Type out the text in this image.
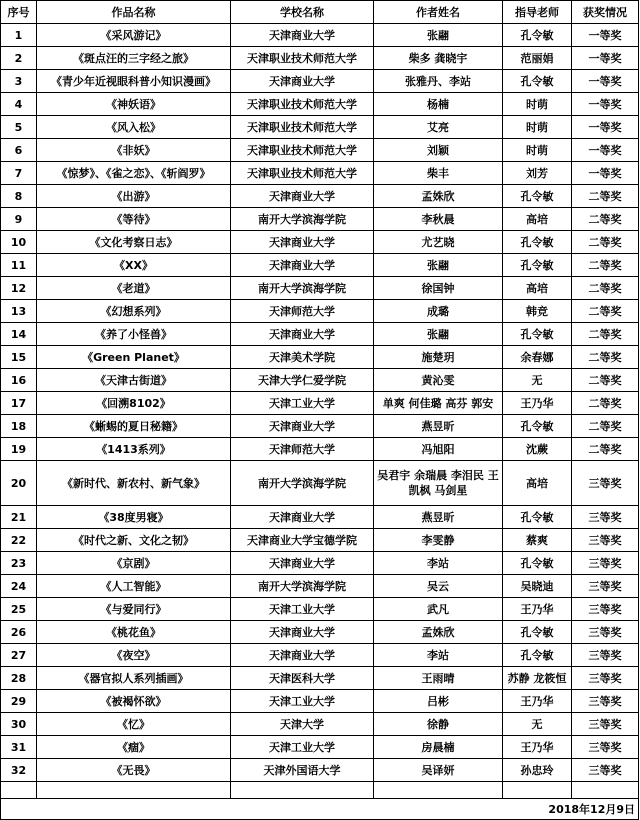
序号	作品名称	学校名称	作者姓名	指导老师	获奖情况
1	《采风游记》	天津商业大学	张翮	孔令敏	一等奖
2	《斑点汪的三字经之旅》	天津职业技术师范大学	柴多 龚晓宇	范丽娟	一等奖
3	《青少年近视眼科普小知识漫画》	天津商业大学	张雅丹、李站	孔令敏	一等奖
4	《神妖语》	天津职业技术师范大学	杨楠	时萌	一等奖
5	《风入松》	天津职业技术师范大学	艾亮	时萌	一等奖
6	《非妖》	天津职业技术师范大学	刘颖	时萌	一等奖
7	《惊梦》、《雀之恋》、《斩阎罗》	天津职业技术师范大学	柴丰	刘芳	一等奖
8	《出游》	天津商业大学	孟姝欣	孔令敏	二等奖
9	《等待》	南开大学滨海学院	李秋晨	高培	二等奖
10	《文化考察日志》	天津商业大学	尤艺晓	孔令敏	二等奖
11	《XX》	天津商业大学	张翮	孔令敏	二等奖
12	《老道》	南开大学滨海学院	徐国钟	高培	二等奖
13	《幻想系列》	天津师范大学	成璐	韩竞	二等奖
14	《养了小怪兽》	天津商业大学	张翮	孔令敏	二等奖
15	《Green Planet》	天津美术学院	施楚玥	余春娜	二等奖
16	《天津古街道》	天津大学仁爱学院	黄沁雯	无	二等奖
17	《回溯8102》	天津工业大学	单爽 何佳璐 高芬 郭安	王乃华	二等奖
18	《蜥蜴的夏日秘籍》	天津商业大学	燕昱昕	孔令敏	二等奖
19	《1413系列》	天津师范大学	冯旭阳	沈蕨	二等奖
20	《新时代、新农村、新气象》	南开大学滨海学院	吴君宇 余瑞晨 李泪民 王凯枫 马剑星	高培	三等奖
21	《38度男寝》	天津商业大学	燕昱昕	孔令敏	三等奖
22	《时代之新、文化之韧》	天津商业大学宝德学院	李雯静	蔡爽	三等奖
23	《京剧》	天津商业大学	李站	孔令敏	三等奖
24	《人工智能》	南开大学滨海学院	吴云	吴晓迪	三等奖
25	《与爱同行》	天津工业大学	武凡	王乃华	三等奖
26	《桃花鱼》	天津商业大学	孟姝欣	孔令敏	三等奖
27	《夜空》	天津商业大学	李站	孔令敏	三等奖
28	《器官拟人系列插画》	天津医科大学	王雨晴	苏静 龙筱恒	三等奖
29	《被褐怀欲》	天津工业大学	吕彬	王乃华	三等奖
30	《忆》	天津大学	徐静	无	三等奖
31	《痼》	天津工业大学	房晨楠	王乃华	三等奖
32	《无畏》	天津外国语大学	吴译妍	孙忠玲	三等奖

				2018年12月9日	
